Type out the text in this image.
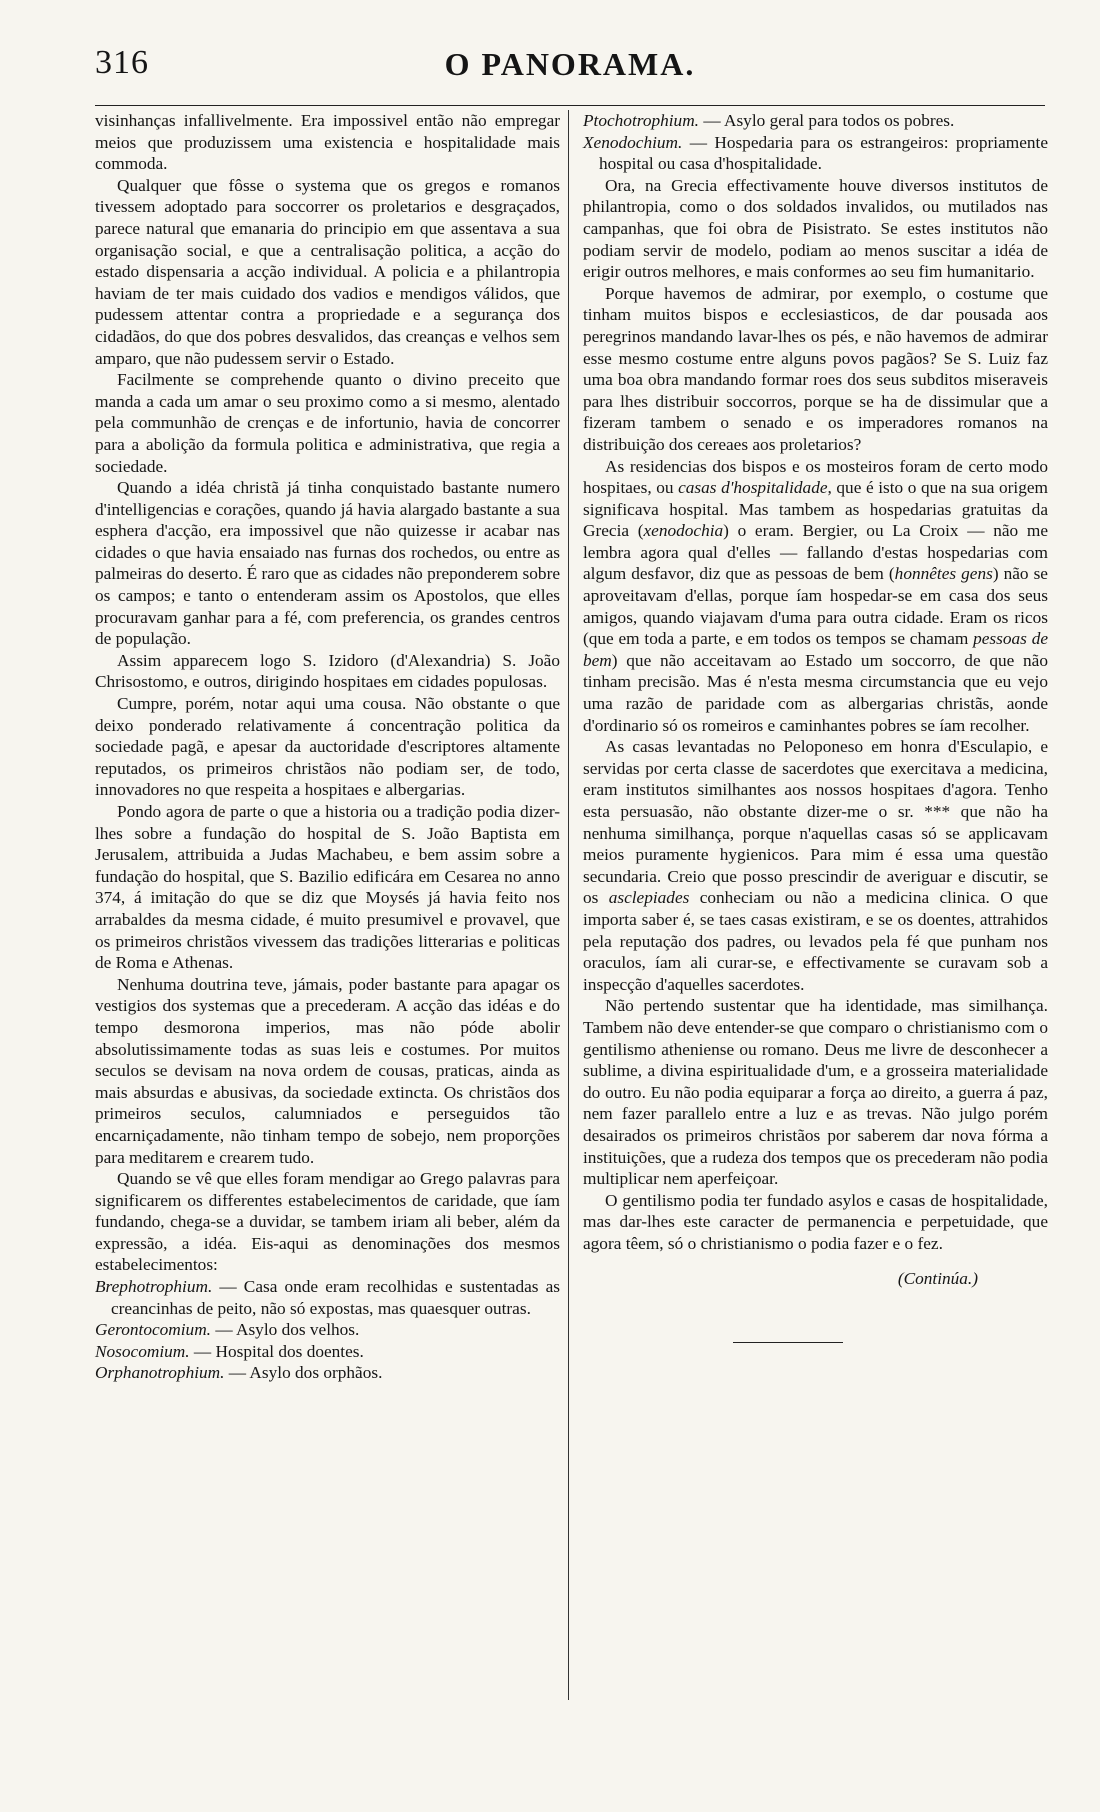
316	O PANORAMA.

visinhanças infallivelmente. Era impossivel então não empregar meios que produzissem uma existencia e hospitalidade mais commoda.

Qualquer que fôsse o systema que os gregos e romanos tivessem adoptado para soccorrer os proletarios e desgraçados, parece natural que emanaria do principio em que assentava a sua organisação social, e que a centralisação politica, a acção do estado dispensaria a acção individual. A policia e a philantropia haviam de ter mais cuidado dos vadios e mendigos válidos, que pudessem attentar contra a propriedade e a segurança dos cidadãos, do que dos pobres desvalidos, das creanças e velhos sem amparo, que não pudessem servir o Estado.

Facilmente se comprehende quanto o divino preceito que manda a cada um amar o seu proximo como a si mesmo, alentado pela communhão de crenças e de infortunio, havia de concorrer para a abolição da formula politica e administrativa, que regia a sociedade.

Quando a idéa christã já tinha conquistado bastante numero d'intelligencias e corações, quando já havia alargado bastante a sua esphera d'acção, era impossivel que não quizesse ir acabar nas cidades o que havia ensaiado nas furnas dos rochedos, ou entre as palmeiras do deserto. É raro que as cidades não preponderem sobre os campos; e tanto o entenderam assim os Apostolos, que elles procuravam ganhar para a fé, com preferencia, os grandes centros de população.

Assim apparecem logo S. Izidoro (d'Alexandria) S. João Chrisostomo, e outros, dirigindo hospitaes em cidades populosas.

Cumpre, porém, notar aqui uma cousa. Não obstante o que deixo ponderado relativamente á concentração politica da sociedade pagã, e apesar da auctoridade d'escriptores altamente reputados, os primeiros christãos não podiam ser, de todo, innovadores no que respeita a hospitaes e albergarias.

Pondo agora de parte o que a historia ou a tradição podia dizer-lhes sobre a fundação do hospital de S. João Baptista em Jerusalem, attribuida a Judas Machabeu, e bem assim sobre a fundação do hospital, que S. Bazilio edificára em Cesarea no anno 374, á imitação do que se diz que Moysés já havia feito nos arrabaldes da mesma cidade, é muito presumivel e provavel, que os primeiros christãos vivessem das tradições litterarias e politicas de Roma e Athenas.

Nenhuma doutrina teve, jámais, poder bastante para apagar os vestigios dos systemas que a precederam. A acção das idéas e do tempo desmorona imperios, mas não póde abolir absolutissimamente todas as suas leis e costumes. Por muitos seculos se devisam na nova ordem de cousas, praticas, ainda as mais absurdas e abusivas, da sociedade extincta. Os christãos dos primeiros seculos, calumniados e perseguidos tão encarniçadamente, não tinham tempo de sobejo, nem proporções para meditarem e crearem tudo.

Quando se vê que elles foram mendigar ao Grego palavras para significarem os differentes estabelecimentos de caridade, que íam fundando, chega-se a duvidar, se tambem iriam ali beber, além da expressão, a idéa. Eis-aqui as denominações dos mesmos estabelecimentos:

Brephotrophium. — Casa onde eram recolhidas e sustentadas as creancinhas de peito, não só expostas, mas quaesquer outras.

Gerontocomium. — Asylo dos velhos.

Nosocomium. — Hospital dos doentes.

Orphanotrophium. — Asylo dos orphãos.

Ptochotrophium. — Asylo geral para todos os pobres.

Xenodochium. — Hospedaria para os estrangeiros: propriamente hospital ou casa d'hospitalidade.

Ora, na Grecia effectivamente houve diversos institutos de philantropia, como o dos soldados invalidos, ou mutilados nas campanhas, que foi obra de Pisistrato. Se estes institutos não podiam servir de modelo, podiam ao menos suscitar a idéa de erigir outros melhores, e mais conformes ao seu fim humanitario.

Porque havemos de admirar, por exemplo, o costume que tinham muitos bispos e ecclesiasticos, de dar pousada aos peregrinos mandando lavar-lhes os pés, e não havemos de admirar esse mesmo costume entre alguns povos pagãos? Se S. Luiz faz uma boa obra mandando formar roes dos seus subditos miseraveis para lhes distribuir soccorros, porque se ha de dissimular que a fizeram tambem o senado e os imperadores romanos na distribuição dos cereaes aos proletarios?

As residencias dos bispos e os mosteiros foram de certo modo hospitaes, ou casas d'hospitalidade, que é isto o que na sua origem significava hospital. Mas tambem as hospedarias gratuitas da Grecia (xenodochia) o eram. Bergier, ou La Croix — não me lembra agora qual d'elles — fallando d'estas hospedarias com algum desfavor, diz que as pessoas de bem (honnêtes gens) não se aproveitavam d'ellas, porque íam hospedar-se em casa dos seus amigos, quando viajavam d'uma para outra cidade. Eram os ricos (que em toda a parte, e em todos os tempos se chamam pessoas de bem) que não acceitavam ao Estado um soccorro, de que não tinham precisão. Mas é n'esta mesma circumstancia que eu vejo uma razão de paridade com as albergarias christãs, aonde d'ordinario só os romeiros e caminhantes pobres se íam recolher.

As casas levantadas no Peloponeso em honra d'Esculapio, e servidas por certa classe de sacerdotes que exercitava a medicina, eram institutos similhantes aos nossos hospitaes d'agora. Tenho esta persuasão, não obstante dizer-me o sr. *** que não ha nenhuma similhança, porque n'aquellas casas só se applicavam meios puramente hygienicos. Para mim é essa uma questão secundaria. Creio que posso prescindir de averiguar e discutir, se os asclepiades conheciam ou não a medicina clinica. O que importa saber é, se taes casas existiram, e se os doentes, attrahidos pela reputação dos padres, ou levados pela fé que punham nos oraculos, íam ali curar-se, e effectivamente se curavam sob a inspecção d'aquelles sacerdotes.

Não pertendo sustentar que ha identidade, mas similhança. Tambem não deve entender-se que comparo o christianismo com o gentilismo atheniense ou romano. Deus me livre de desconhecer a sublime, a divina espiritualidade d'um, e a grosseira materialidade do outro. Eu não podia equiparar a força ao direito, a guerra á paz, nem fazer parallelo entre a luz e as trevas. Não julgo porém desairados os primeiros christãos por saberem dar nova fórma a instituições, que a rudeza dos tempos que os precederam não podia multiplicar nem aperfeiçoar.

O gentilismo podia ter fundado asylos e casas de hospitalidade, mas dar-lhes este caracter de permanencia e perpetuidade, que agora têem, só o christianismo o podia fazer e o fez.

(Continúa.)
